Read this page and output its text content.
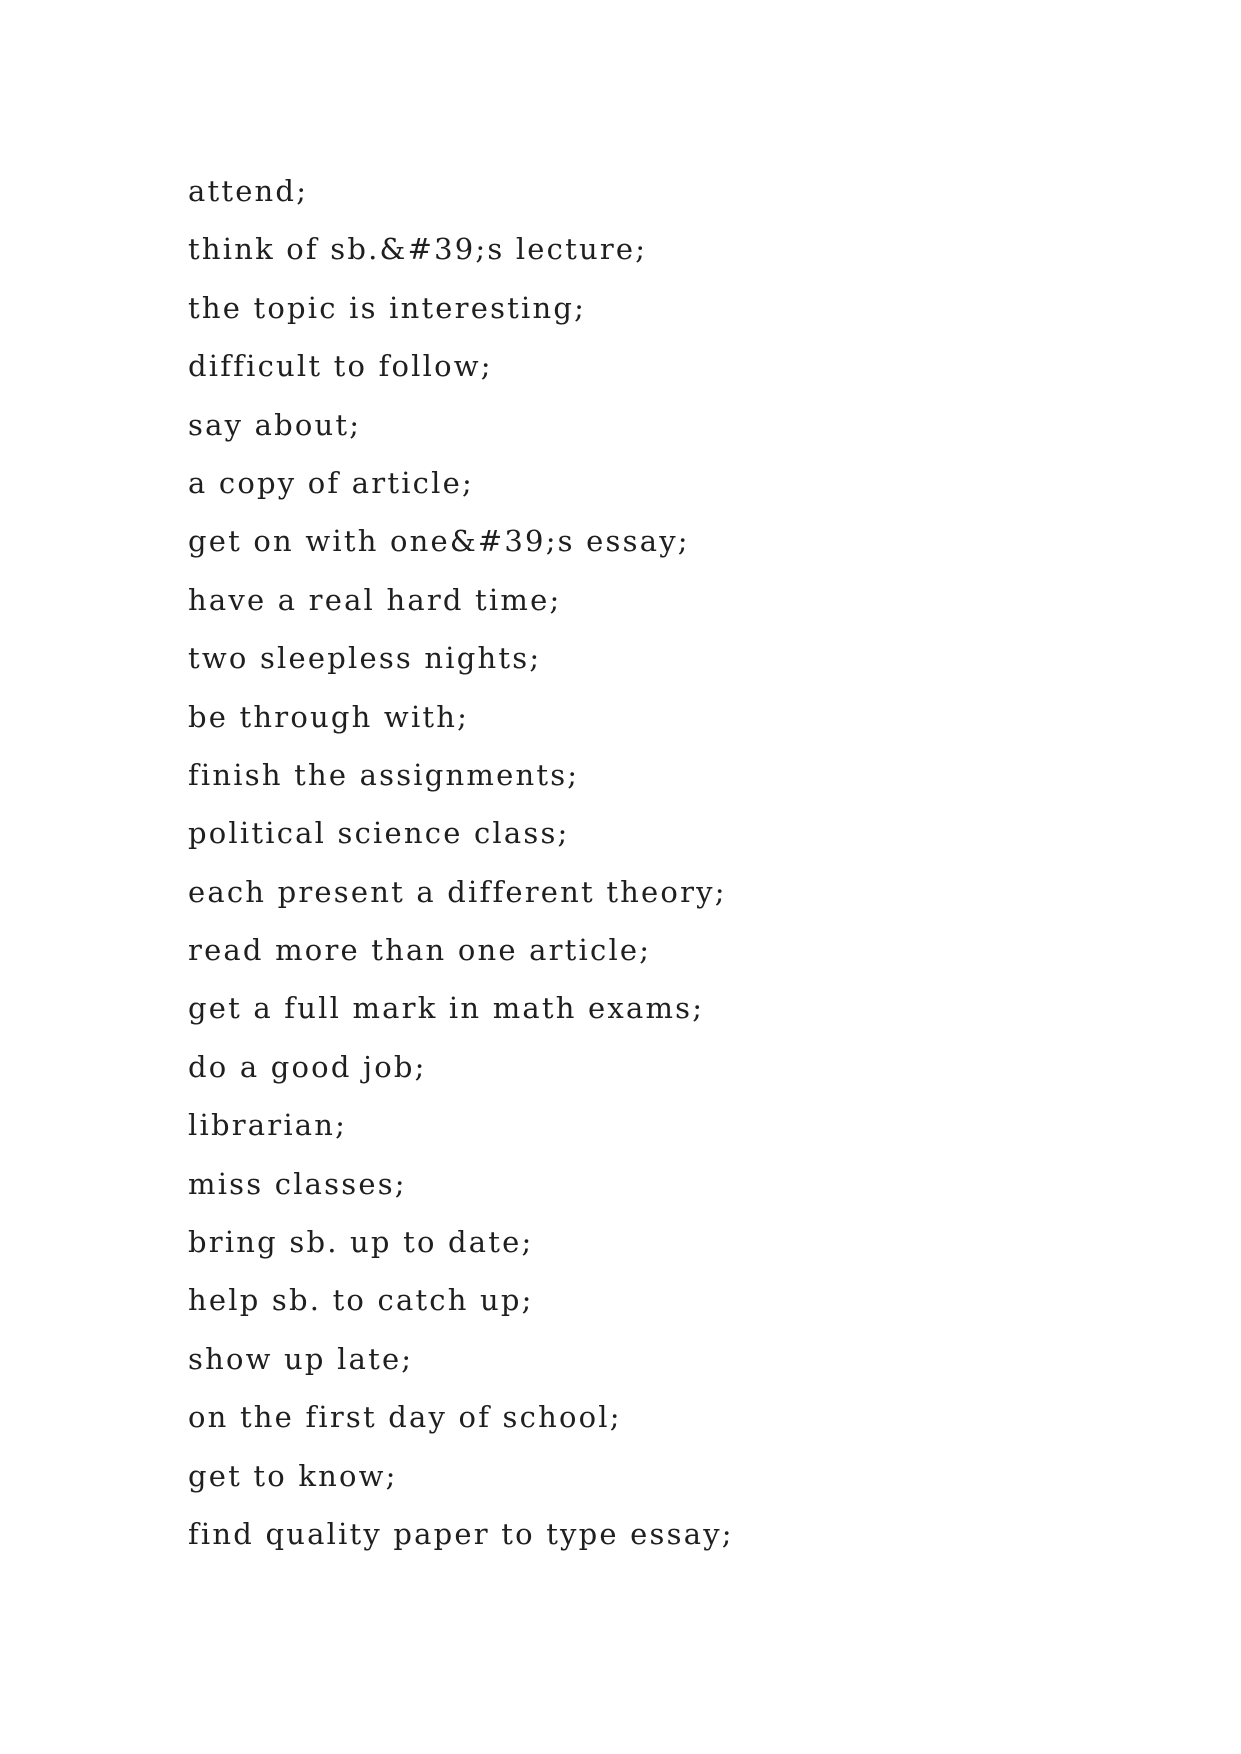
attend;
think of sb.&#39;s lecture;
the topic is interesting;
difficult to follow;
say about;
a copy of article;
get on with one&#39;s essay;
have a real hard time;
two sleepless nights;
be through with;
finish the assignments;
political science class;
each present a different theory;
read more than one article;
get a full mark in math exams;
do a good job;
librarian;
miss classes;
bring sb. up to date;
help sb. to catch up;
show up late;
on the first day of school;
get to know;
find quality paper to type essay;
